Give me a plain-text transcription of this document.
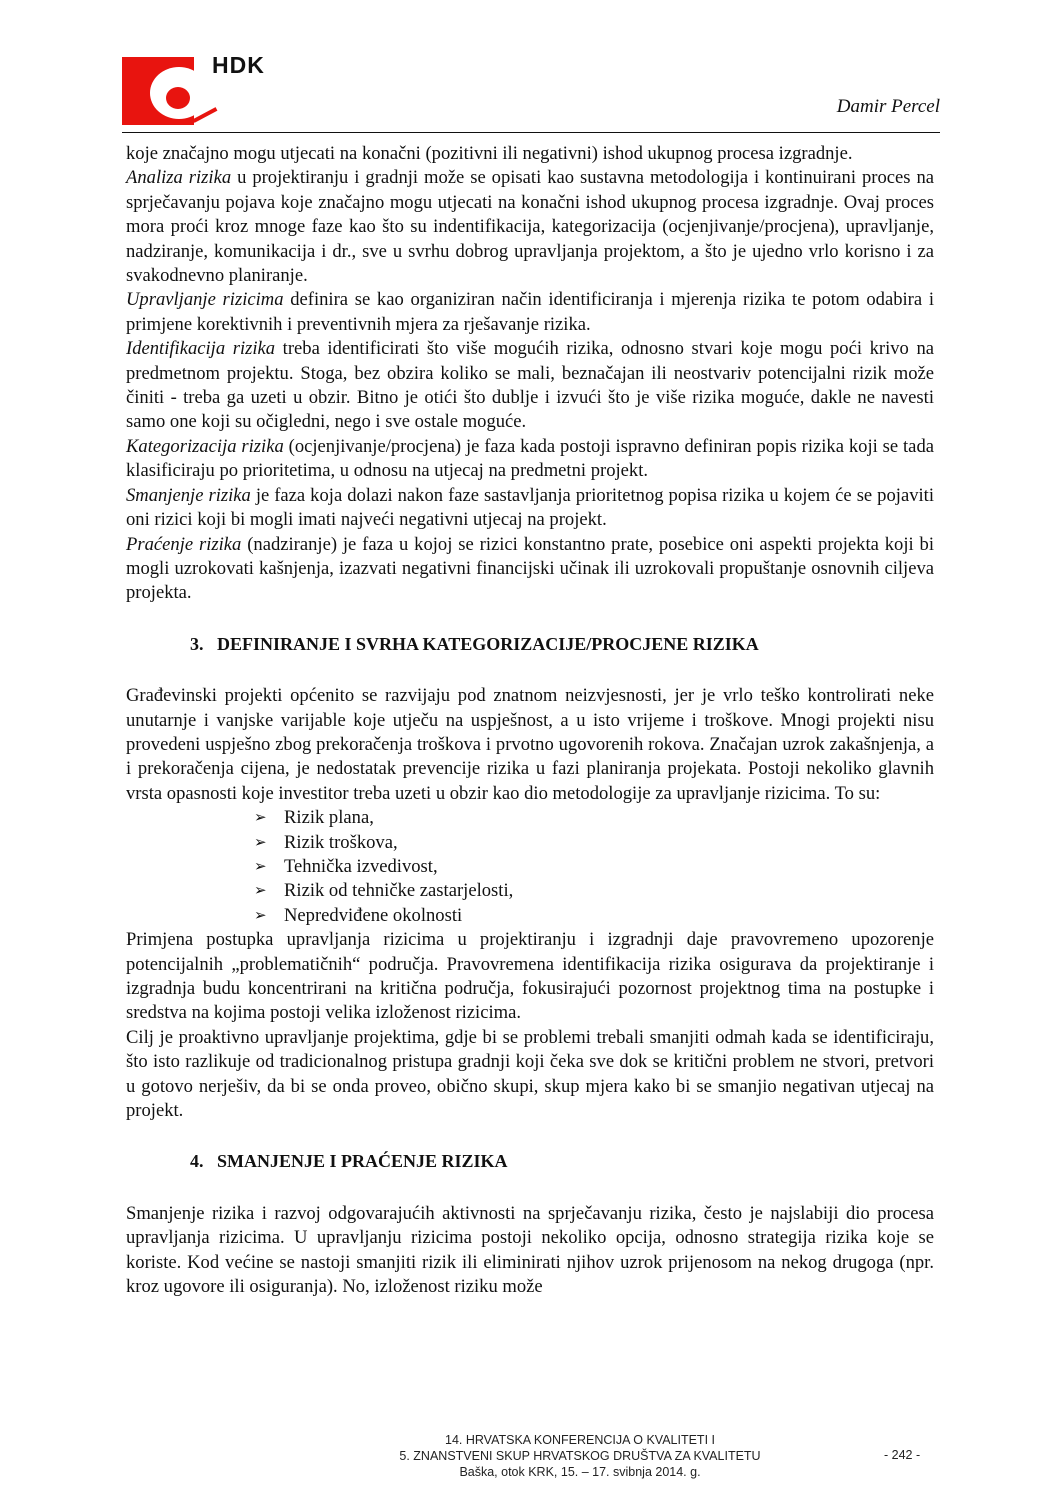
HDK
Damir Percel

koje značajno mogu utjecati na konačni (pozitivni ili negativni) ishod ukupnog procesa izgradnje.

Analiza rizika u projektiranju i gradnji može se opisati kao sustavna metodologija i kontinuirani proces na sprječavanju pojava koje značajno mogu utjecati na konačni ishod ukupnog procesa izgradnje. Ovaj proces mora proći kroz mnoge faze kao što su indentifikacija, kategorizacija (ocjenjivanje/procjena), upravljanje, nadziranje, komunikacija i dr., sve u svrhu dobrog upravljanja projektom, a što je ujedno vrlo korisno i za svakodnevno planiranje.

Upravljanje rizicima definira se kao organiziran način identificiranja i mjerenja rizika te potom odabira i primjene korektivnih i preventivnih mjera za rješavanje rizika.

Identifikacija rizika treba identificirati što više mogućih rizika, odnosno stvari koje mogu poći krivo na predmetnom projektu. Stoga, bez obzira koliko se mali, beznačajan ili neostvariv potencijalni rizik može činiti - treba ga uzeti u obzir. Bitno je otići što dublje i izvući što je više rizika moguće, dakle ne navesti samo one koji su očigledni, nego i sve ostale moguće.

Kategorizacija rizika (ocjenjivanje/procjena) je faza kada postoji ispravno definiran popis rizika koji se tada klasificiraju po prioritetima, u odnosu na utjecaj na predmetni projekt.

Smanjenje rizika je faza koja dolazi nakon faze sastavljanja prioritetnog popisa rizika u kojem će se pojaviti oni rizici koji bi mogli imati najveći negativni utjecaj na projekt.

Praćenje rizika (nadziranje) je faza u kojoj se rizici konstantno prate, posebice oni aspekti projekta koji bi mogli uzrokovati kašnjenja, izazvati negativni financijski učinak ili uzrokovali propuštanje osnovnih ciljeva projekta.

3. DEFINIRANJE I SVRHA KATEGORIZACIJE/PROCJENE RIZIKA

Građevinski projekti općenito se razvijaju pod znatnom neizvjesnosti, jer je vrlo teško kontrolirati neke unutarnje i vanjske varijable koje utječu na uspješnost, a u isto vrijeme i troškove. Mnogi projekti nisu provedeni uspješno zbog prekoračenja troškova i prvotno ugovorenih rokova. Značajan uzrok zakašnjenja, a i prekoračenja cijena, je nedostatak prevencije rizika u fazi planiranja projekata. Postoji nekoliko glavnih vrsta opasnosti koje investitor treba uzeti u obzir kao dio metodologije za upravljanje rizicima. To su:

➢ Rizik plana,
➢ Rizik troškova,
➢ Tehnička izvedivost,
➢ Rizik od tehničke zastarjelosti,
➢ Nepredviđene okolnosti

Primjena postupka upravljanja rizicima u projektiranju i izgradnji daje pravovremeno upozorenje potencijalnih „problematičnih“ područja. Pravovremena identifikacija rizika osigurava da projektiranje i izgradnja budu koncentrirani na kritična područja, fokusirajući pozornost projektnog tima na postupke i sredstva na kojima postoji velika izloženost rizicima.

Cilj je proaktivno upravljanje projektima, gdje bi se problemi trebali smanjiti odmah kada se identificiraju, što isto razlikuje od tradicionalnog pristupa gradnji koji čeka sve dok se kritični problem ne stvori, pretvori u gotovo nerješiv, da bi se onda proveo, obično skupi, skup mjera kako bi se smanjio negativan utjecaj na projekt.

4. SMANJENJE I PRAĆENJE RIZIKA

Smanjenje rizika i razvoj odgovarajućih aktivnosti na sprječavanju rizika, često je najslabiji dio procesa upravljanja rizicima. U upravljanju rizicima postoji nekoliko opcija, odnosno strategija rizika koje se koriste. Kod većine se nastoji smanjiti rizik ili eliminirati njihov uzrok prijenosom na nekog drugoga (npr. kroz ugovore ili osiguranja). No, izloženost riziku može

14. HRVATSKA KONFERENCIJA O KVALITETI I
5. ZNANSTVENI SKUP HRVATSKOG DRUŠTVA ZA KVALITETU
Baška, otok KRK, 15. – 17. svibnja 2014. g.
- 242 -
